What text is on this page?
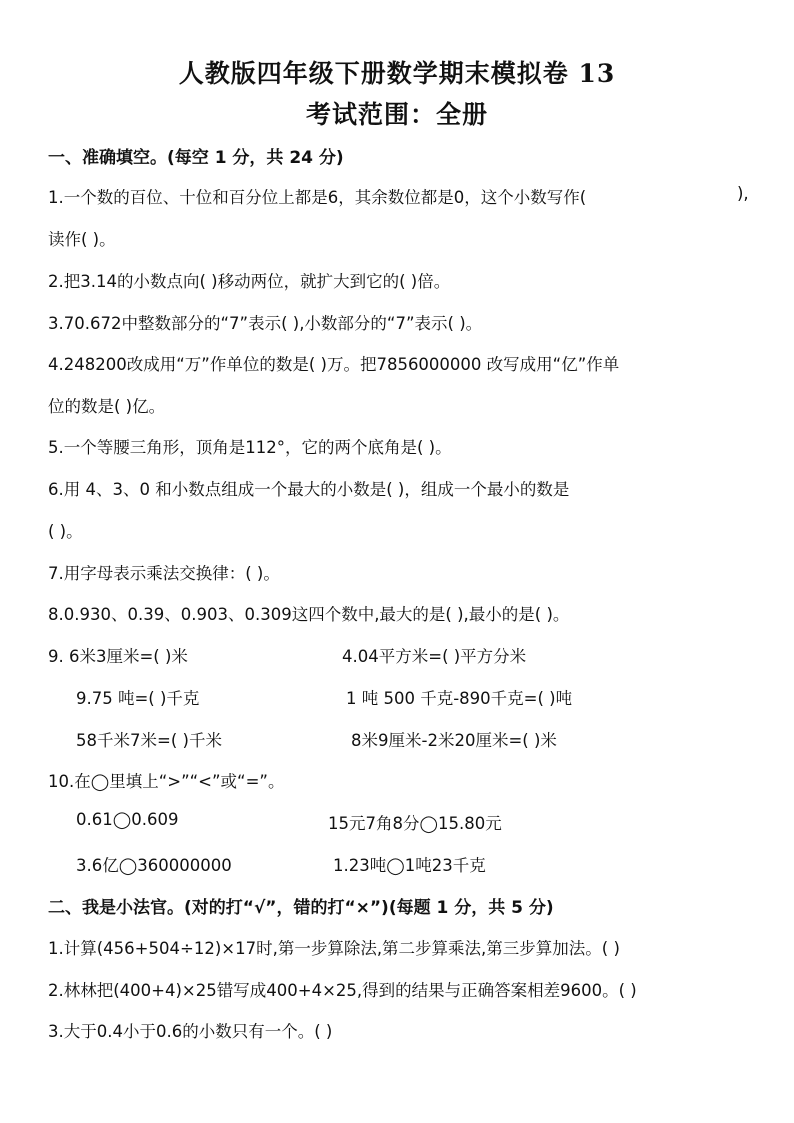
人教版四年级下册数学期末模拟卷 13
考试范围：全册
一、准确填空。(每空 1 分，共 24 分)
1.一个数的百位、十位和百分位上都是6，其余数位都是0，这个小数写作(	),
读作( )。
2.把3.14的小数点向( )移动两位，就扩大到它的( )倍。
3.70.672中整数部分的“7”表示( ),小数部分的“7”表示( )。
4.248200改成用“万”作单位的数是( )万。把7856000000 改写成用“亿”作单
位的数是( )亿。
5.一个等腰三角形，顶角是112°，它的两个底角是( )。
6.用 4、3、0 和小数点组成一个最大的小数是( )，组成一个最小的数是
( )。
7.用字母表示乘法交换律：( )。
8.0.930、0.39、0.903、0.309这四个数中,最大的是( ),最小的是( )。
9. 6米3厘米=( )米	4.04平方米=( )平方分米
9.75 吨=( )千克	1 吨 500 千克-890千克=( )吨
58千米7米=( )千米	8米9厘米-2米20厘米=( )米
10.在◯里填上“>”“<”或“=”。
0.61◯0.609	15元7角8分◯15.80元
3.6亿◯360000000	1.23吨◯1吨23千克
二、我是小法官。(对的打“√”，错的打“×”)(每题 1 分，共 5 分)
1.计算(456+504÷12)×17时,第一步算除法,第二步算乘法,第三步算加法。( )
2.林林把(400+4)×25错写成400+4×25,得到的结果与正确答案相差9600。( )
3.大于0.4小于0.6的小数只有一个。( )
